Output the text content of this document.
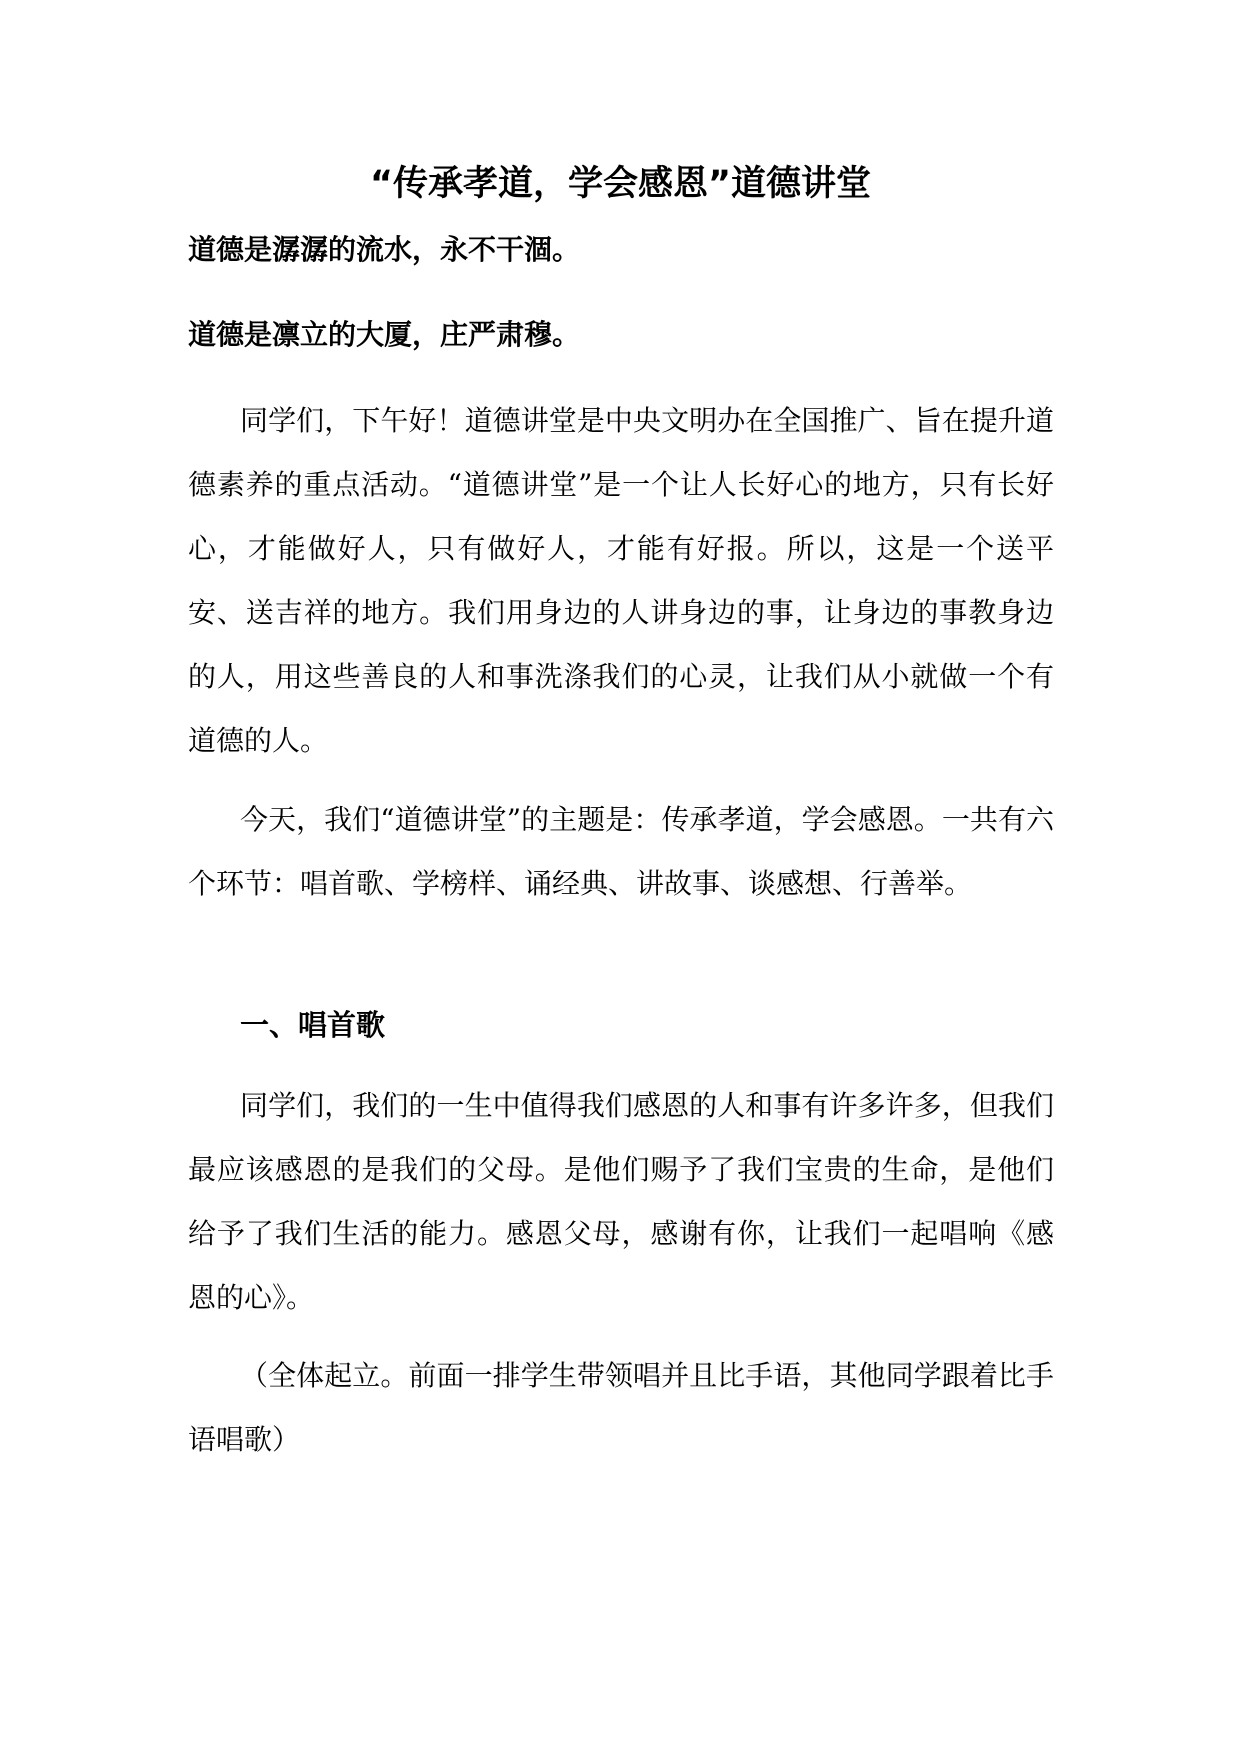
“传承孝道，学会感恩”道德讲堂

道德是潺潺的流水，永不干涸。

道德是凛立的大厦，庄严肃穆。

同学们，下午好！道德讲堂是中央文明办在全国推广、旨在提升道德素养的重点活动。“道德讲堂”是一个让人长好心的地方，只有长好心，才能做好人，只有做好人，才能有好报。所以，这是一个送平安、送吉祥的地方。我们用身边的人讲身边的事，让身边的事教身边的人，用这些善良的人和事洗涤我们的心灵，让我们从小就做一个有道德的人。

今天，我们“道德讲堂”的主题是：传承孝道，学会感恩。一共有六个环节：唱首歌、学榜样、诵经典、讲故事、谈感想、行善举。

一、唱首歌

同学们，我们的一生中值得我们感恩的人和事有许多许多，但我们最应该感恩的是我们的父母。是他们赐予了我们宝贵的生命，是他们给予了我们生活的能力。感恩父母，感谢有你，让我们一起唱响《感恩的心》。

（全体起立。前面一排学生带领唱并且比手语，其他同学跟着比手语唱歌）
